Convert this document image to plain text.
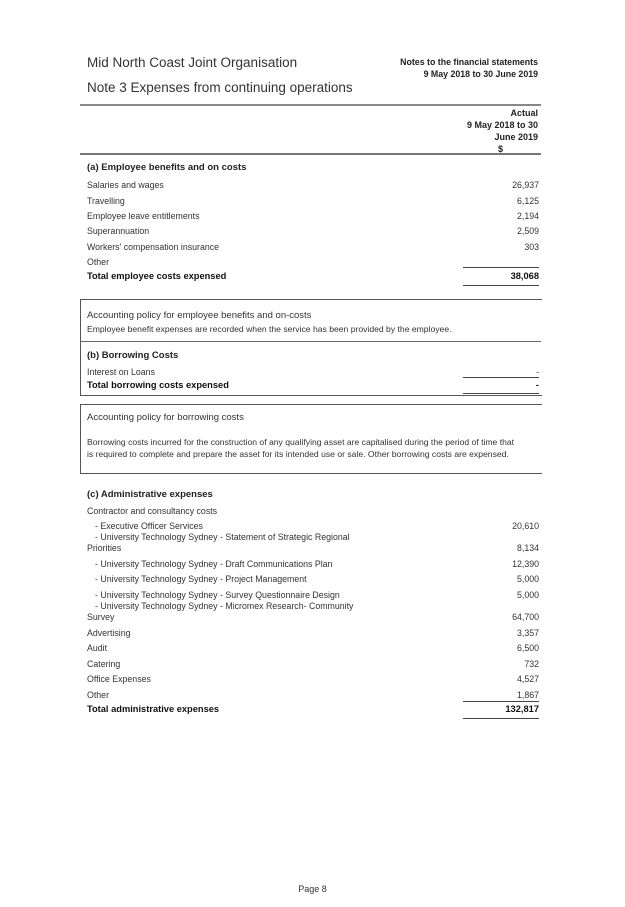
Mid North Coast Joint Organisation
Note 3 Expenses from continuing operations
Notes to the financial statements
9 May 2018 to 30 June 2019
Actual
9 May 2018 to 30
June 2019
$
(a) Employee benefits and on costs
Salaries and wages	26,937
Travelling	6,125
Employee leave entitlements	2,194
Superannuation	2,509
Workers' compensation insurance	303
Other
Total employee costs expensed	38,068
Accounting policy for employee benefits and on-costs
Employee benefit expenses are recorded when the service has been provided by the employee.
(b) Borrowing Costs
Interest on Loans	-
Total borrowing costs expensed	-
Accounting policy for borrowing costs
Borrowing costs incurred for the construction of any qualifying asset are capitalised during the period of time that
is required to complete and prepare the asset for its intended use or sale. Other borrowing costs are expensed.
(c) Administrative expenses
Contractor and consultancy costs
- Executive Officer Services	20,610
- University Technology Sydney - Statement of Strategic Regional
Priorities	8,134
- University Technology Sydney - Draft Communications Plan	12,390
- University Technology Sydney - Project Management	5,000
- University Technology Sydney - Survey Questionnaire Design	5,000
- University Technology Sydney - Micromex Research- Community
Survey	64,700
Advertising	3,357
Audit	6,500
Catering	732
Office Expenses	4,527
Other	1,867
Total administrative expenses	132,817
Page 8
